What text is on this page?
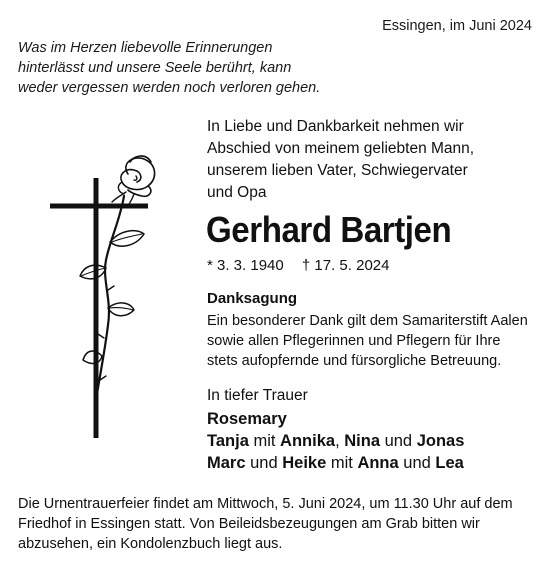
Essingen, im Juni 2024
Was im Herzen liebevolle Erinnerungen
hinterlässt und unsere Seele berührt, kann
weder vergessen werden noch verloren gehen.
In Liebe und Dankbarkeit nehmen wir
Abschied von meinem geliebten Mann,
unserem lieben Vater, Schwiegervater
und Opa
Gerhard Bartjen
* 3. 3. 1940 † 17. 5. 2024
Danksagung
Ein besonderer Dank gilt dem Samariterstift Aalen
sowie allen Pflegerinnen und Pflegern für Ihre
stets aufopfernde und fürsorgliche Betreuung.
In tiefer Trauer
Rosemary
Tanja mit Annika, Nina und Jonas
Marc und Heike mit Anna und Lea
Die Urnentrauerfeier findet am Mittwoch, 5. Juni 2024, um 11.30 Uhr auf dem
Friedhof in Essingen statt. Von Beileidsbezeugungen am Grab bitten wir
abzusehen, ein Kondolenzbuch liegt aus.
